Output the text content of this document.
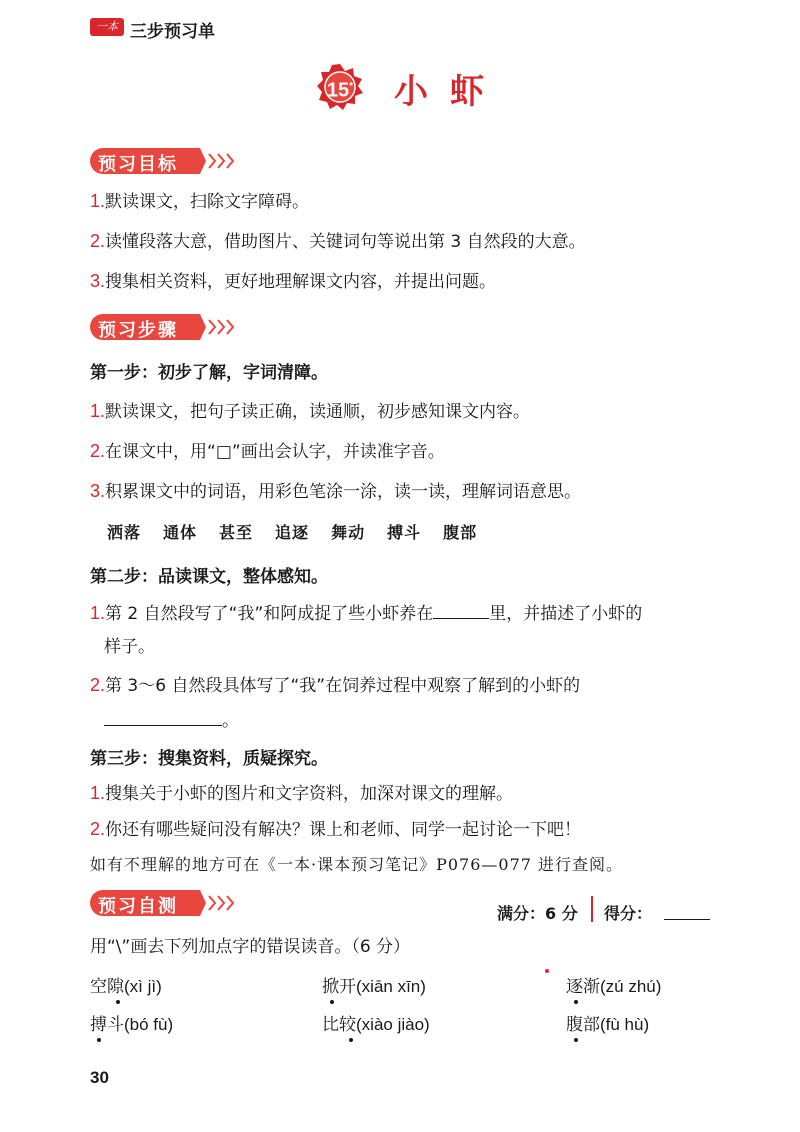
一本 三步预习单
15*	小虾
预习目标
1.默读课文，扫除文字障碍。
2.读懂段落大意，借助图片、关键词句等说出第 3 自然段的大意。
3.搜集相关资料，更好地理解课文内容，并提出问题。
预习步骤
第一步：初步了解，字词清障。
1.默读课文，把句子读正确，读通顺，初步感知课文内容。
2.在课文中，用“□”画出会认字，并读准字音。
3.积累课文中的词语，用彩色笔涂一涂，读一读，理解词语意思。
洒落 通体 甚至 追逐 舞动 搏斗 腹部
第二步：品读课文，整体感知。
1.第 2 自然段写了“我”和阿成捉了些小虾养在	里，并描述了小虾的
样子。
2.第 3～6 自然段具体写了“我”在饲养过程中观察了解到的小虾的
。
第三步：搜集资料，质疑探究。
1.搜集关于小虾的图片和文字资料，加深对课文的理解。
2.你还有哪些疑问没有解决？课上和老师、同学一起讨论一下吧！
如有不理解的地方可在《一本·课本预习笔记》P076—077 进行查阅。
预习自测	满分：6 分 得分：
用“\”画去下列加点字的错误读音。（6 分）
空隙(xì jì)	掀开(xiān xīn)	逐渐(zú zhú)
搏斗(bó fù)	比较(xiào jiào)	腹部(fù hù)
30
